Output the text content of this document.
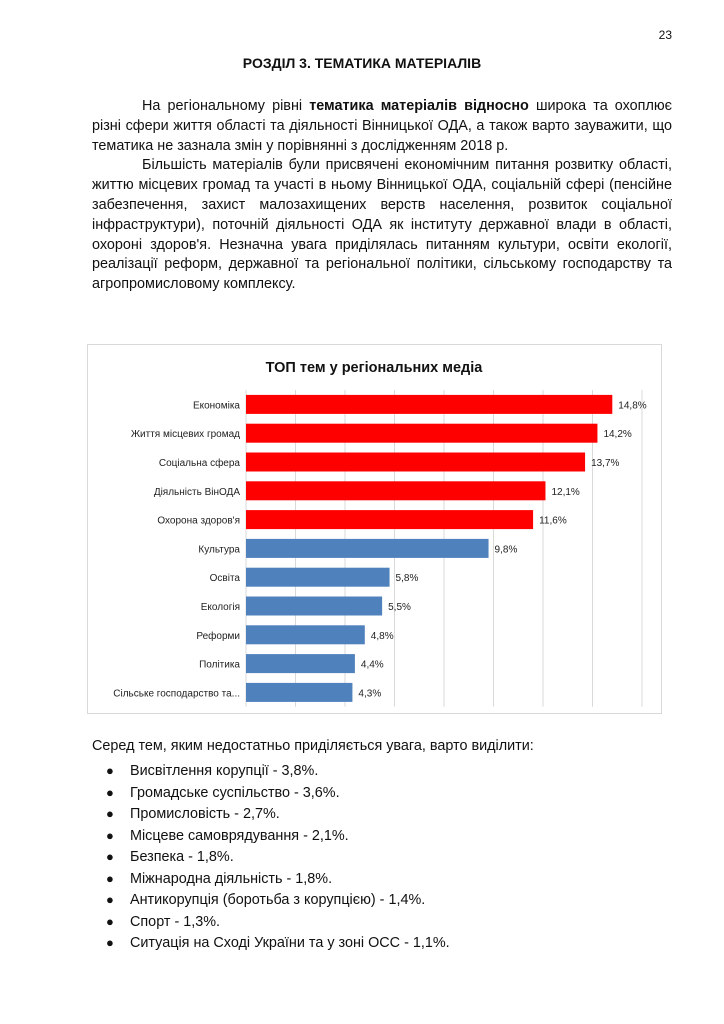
23
РОЗДІЛ 3. ТЕМАТИКА МАТЕРІАЛІВ

На регіональному рівні тематика матеріалів відносно широка та охоплює різні сфери життя області та діяльності Вінницької ОДА, а також варто зауважити, що тематика не зазнала змін у порівнянні з дослідженням 2018 р.

Більшість матеріалів були присвячені економічним питання розвитку області, життю місцевих громад та участі в ньому Вінницької ОДА, соціальній сфері (пенсійне забезпечення, захист малозахищених верств населення, розвиток соціальної інфраструктури), поточній діяльності ОДА як інституту державної влади в області, охороні здоров'я. Незначна увага приділялась питанням культури, освіти екології, реалізації реформ, державної та регіональної політики, сільському господарству та агропромисловому комплексу.

ТОП тем у регіональних медіа
Економіка	14,8%
Життя місцевих громад	14,2%
Соціальна сфера	13,7%
Діяльність ВінОДА	12,1%
Охорона здоров'я	11,6%
Культура	9,8%
Освіта	5,8%
Екологія	5,5%
Реформи	4,8%
Політика	4,4%
Сільське господарство та...	4,3%

Серед тем, яким недостатньо приділяється увага, варто виділити:

● Висвітлення корупції - 3,8%.
● Громадське суспільство - 3,6%.
● Промисловість - 2,7%.
● Місцеве самоврядування - 2,1%.
● Безпека - 1,8%.
● Міжнародна діяльність - 1,8%.
● Антикорупція (боротьба з корупцією) - 1,4%.
● Спорт - 1,3%.
● Ситуація на Сході України та у зоні ОСС - 1,1%.
